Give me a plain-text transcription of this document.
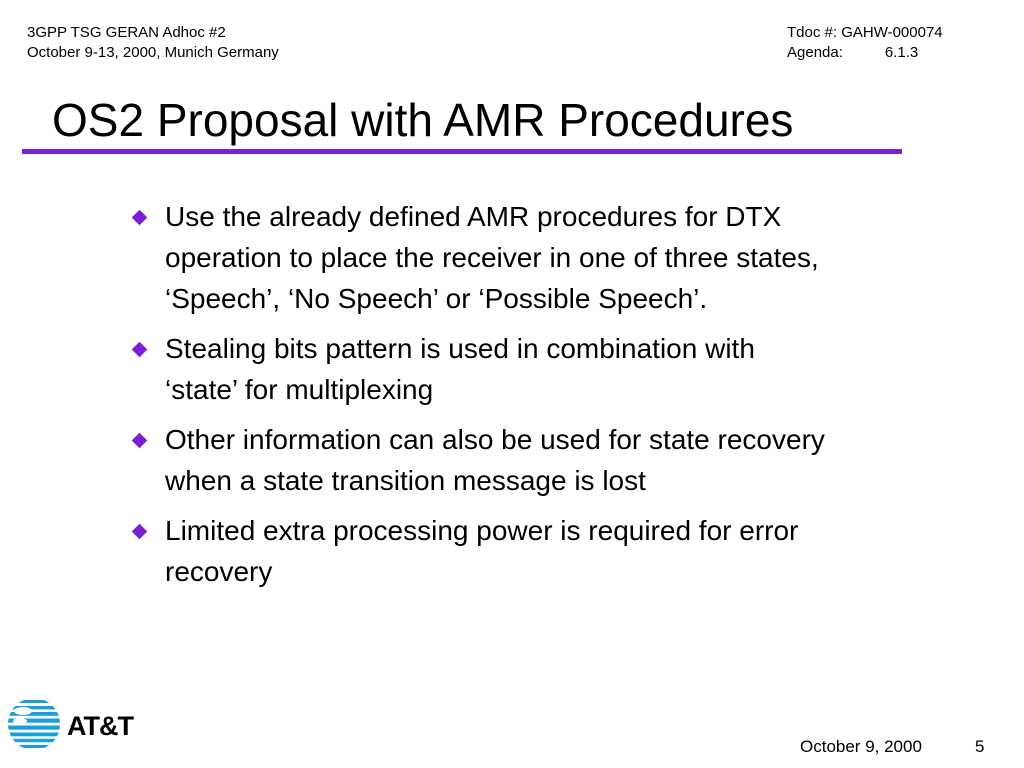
3GPP TSG GERAN Adhoc #2
October 9-13, 2000, Munich Germany
Tdoc #: GAHW-000074
Agenda:	6.1.3
OS2 Proposal with AMR Procedures
Use the already defined AMR procedures for DTX
operation to place the receiver in one of three states,
‘Speech’, ‘No Speech’ or ‘Possible Speech’.
Stealing bits pattern is used in combination with
‘state’ for multiplexing
Other information can also be used for state recovery
when a state transition message is lost
Limited extra processing power is required for error
recovery
AT&T
October 9, 2000	5
